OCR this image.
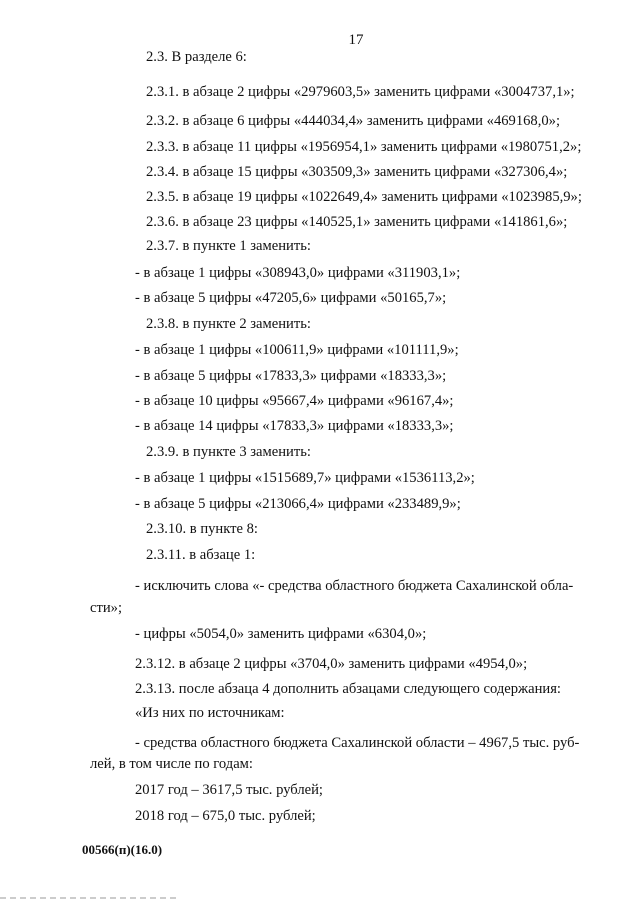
17
2.3. В разделе 6:
2.3.1. в абзаце 2 цифры «2979603,5» заменить цифрами «3004737,1»;
2.3.2. в абзаце 6 цифры «444034,4» заменить цифрами «469168,0»;
2.3.3. в абзаце 11 цифры «1956954,1» заменить цифрами «1980751,2»;
2.3.4. в абзаце 15 цифры «303509,3» заменить цифрами «327306,4»;
2.3.5. в абзаце 19 цифры «1022649,4» заменить цифрами «1023985,9»;
2.3.6. в абзаце 23 цифры «140525,1» заменить цифрами «141861,6»;
2.3.7. в пункте 1 заменить:
- в абзаце 1 цифры «308943,0» цифрами «311903,1»;
- в абзаце 5 цифры «47205,6» цифрами «50165,7»;
2.3.8. в пункте 2 заменить:
- в абзаце 1 цифры «100611,9» цифрами «101111,9»;
- в абзаце 5 цифры «17833,3» цифрами «18333,3»;
- в абзаце 10 цифры «95667,4» цифрами «96167,4»;
- в абзаце 14 цифры «17833,3» цифрами «18333,3»;
2.3.9. в пункте 3 заменить:
- в абзаце 1 цифры «1515689,7» цифрами «1536113,2»;
- в абзаце 5 цифры «213066,4» цифрами «233489,9»;
2.3.10. в пункте 8:
2.3.11. в абзаце 1:
- исключить слова «- средства областного бюджета Сахалинской обла-
сти»;
- цифры «5054,0» заменить цифрами «6304,0»;
2.3.12. в абзаце 2 цифры «3704,0» заменить цифрами «4954,0»;
2.3.13. после абзаца 4 дополнить абзацами следующего содержания:
«Из них по источникам:
- средства областного бюджета Сахалинской области – 4967,5 тыс. руб-
лей, в том числе по годам:
2017 год – 3617,5 тыс. рублей;
2018 год – 675,0 тыс. рублей;
00566(п)(16.0)
